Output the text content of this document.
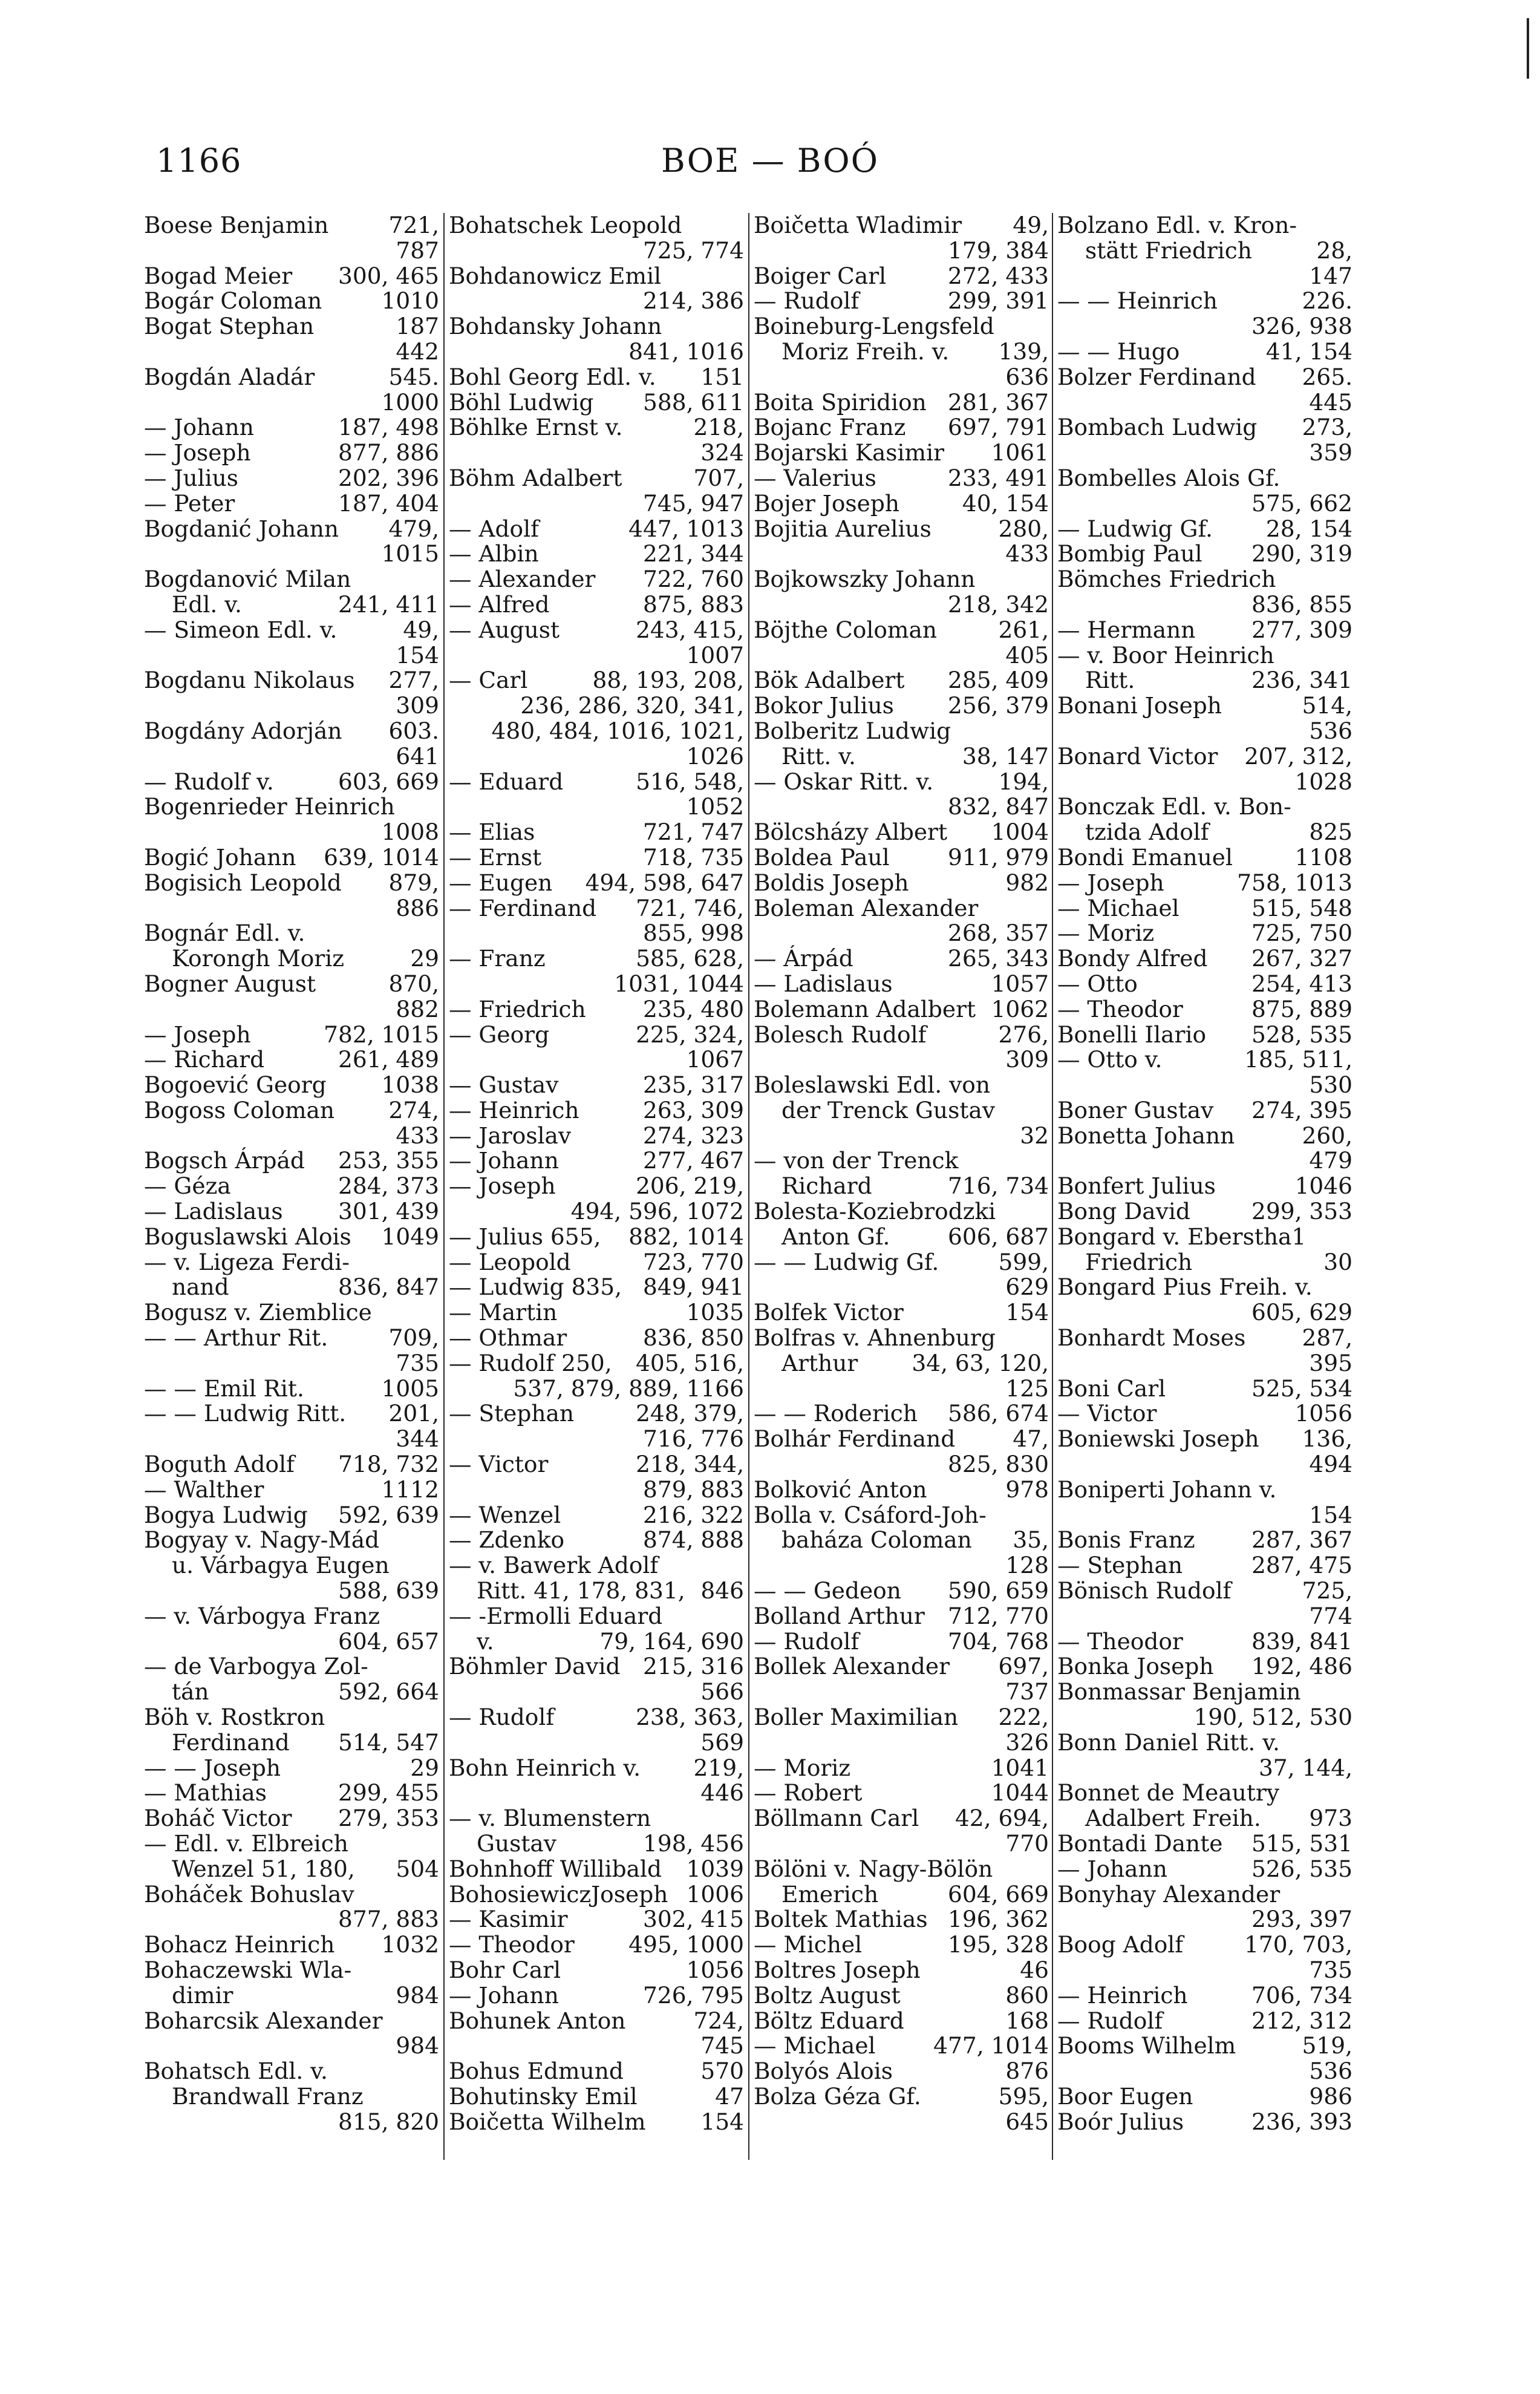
1166	BOE — BOÓ
Boese Benjamin	721,
787
Bogad Meier 300, 465
Bogár Coloman	1010
Bogat Stephan	187
442
Bogdán Aladár	545.
1000
— Johann	187, 498
— Joseph	877, 886
— Julius	202, 396
— Peter	187, 404
Bogdanić Johann 479,
1015
Bogdanović Milan
Edl. v.	241, 411
— Simeon Edl. v.	49,
154
Bogdanu Nikolaus 277,
309
Bogdány Adorján 603.
641
— Rudolf v.	603, 669
Bogenrieder Heinrich
1008
Bogić Johann 639, 1014
Bogisich Leopold 879,
886
Bognár Edl. v.
Korongh Moriz	29
Bogner August	870,
882
— Joseph	782, 1015
— Richard	261, 489
Bogoević Georg 1038
Bogoss Coloman 274,
433
Bogsch Árpád 253, 355
— Géza	284, 373
— Ladislaus 301, 439
Boguslawski Alois 1049
— v. Ligeza Ferdi-
nand	836, 847
Bogusz v. Ziemblice
— — Arthur Rit.	709,
735
— — Emil Rit.	1005
— — Ludwig Ritt. 201,
344
Boguth Adolf 718, 732
— Walther	1112
Bogya Ludwig 592, 639
Bogyay v. Nagy-Mád
u. Várbagya Eugen
588, 639
— v. Várbogya Franz
604, 657
— de Varbogya Zol-
tán	592, 664
Böh v. Rostkron
Ferdinand 514, 547
— — Joseph	29
— Mathias	299, 455
Boháč Victor 279, 353
— Edl. v. Elbreich
Wenzel 51, 180, 504
Boháček Bohuslav
877, 883
Bohacz Heinrich 1032
Bohaczewski Wla-
dimir	984
Boharcsik Alexander
984
Bohatsch Edl. v.
Brandwall Franz
815, 820
Bohatschek Leopold
725, 774
Bohdanowicz Emil
214, 386
Bohdansky Johann
841, 1016
Bohl Georg Edl. v. 151
Böhl Ludwig 588, 611
Böhlke Ernst v.	218,
324
Böhm Adalbert	707,
745, 947
— Adolf	447, 1013
— Albin	221, 344
— Alexander 722, 760
— Alfred	875, 883
— August	243, 415,
1007
— Carl	88, 193, 208,
236, 286, 320, 341,
480, 484, 1016, 1021,
1026
— Eduard	516, 548,
1052
— Elias	721, 747
— Ernst	718, 735
— Eugen 494, 598, 647
— Ferdinand 721, 746,
855, 998
— Franz	585, 628,
1031, 1044
— Friedrich	235, 480
— Georg	225, 324,
1067
— Gustav	235, 317
— Heinrich	263, 309
— Jaroslav	274, 323
— Johann	277, 467
— Joseph	206, 219,
494, 596, 1072
— Julius 655, 882, 1014
— Leopold	723, 770
— Ludwig 835, 849, 941
— Martin	1035
— Othmar	836, 850
— Rudolf 250, 405, 516,
537, 879, 889, 1166
— Stephan	248, 379,
716, 776
— Victor	218, 344,
879, 883
— Wenzel	216, 322
— Zdenko	874, 888
— v. Bawerk Adolf
Ritt. 41, 178, 831, 846
— -Ermolli Eduard
v.	79, 164, 690
Böhmler David 215, 316
566
— Rudolf	238, 363,
569
Bohn Heinrich v. 219,
446
— v. Blumenstern
Gustav	198, 456
Bohnhoff Willibald 1039
BohosiewiczJoseph 1006
— Kasimir	302, 415
— Theodor 495, 1000
Bohr Carl	1056
— Johann	726, 795
Bohunek Anton	724,
745
Bohus Edmund	570
Bohutinsky Emil	47
Boičetta Wilhelm 154
Boičetta Wladimir 49,
179, 384
Boiger Carl	272, 433
— Rudolf	299, 391
Boineburg-Lengsfeld
Moriz Freih. v. 139,
636
Boita Spiridion 281, 367
Bojanc Franz 697, 791
Bojarski Kasimir 1061
— Valerius	233, 491
Bojer Joseph	40, 154
Bojitia Aurelius	280,
433
Bojkowszky Johann
218, 342
Böjthe Coloman	261,
405
Bök Adalbert 285, 409
Bokor Julius 256, 379
Bolberitz Ludwig
Ritt. v.	38, 147
— Oskar Ritt. v.	194,
832, 847
Bölcsházy Albert 1004
Boldea Paul	911, 979
Boldis Joseph	982
Boleman Alexander
268, 357
— Árpád	265, 343
— Ladislaus	1057
Bolemann Adalbert 1062
Bolesch Rudolf	276,
309
Boleslawski Edl. von
der Trenck Gustav
32
— von der Trenck
Richard	716, 734
Bolesta-Koziebrodzki
Anton Gf.	606, 687
— — Ludwig Gf.	599,
629
Bolfek Victor	154
Bolfras v. Ahnenburg
Arthur 34, 63, 120,
125
— — Roderich 586, 674
Bolhár Ferdinand	47,
825, 830
Bolković Anton	978
Bolla v. Csáford-Joh-
baháza Coloman 35,
128
— — Gedeon 590, 659
Bolland Arthur 712, 770
— Rudolf	704, 768
Bollek Alexander 697,
737
Boller Maximilian 222,
326
— Moriz	1041
— Robert	1044
Böllmann Carl 42, 694,
770
Bölöni v. Nagy-Bölön
Emerich	604, 669
Boltek Mathias 196, 362
— Michel	195, 328
Boltres Joseph	46
Boltz August	860
Böltz Eduard	168
— Michael	477, 1014
Bolyós Alois	876
Bolza Géza Gf.	595,
645
Bolzano Edl. v. Kron-
stätt Friedrich	28,
147
— — Heinrich	226.
326, 938
— — Hugo	41, 154
Bolzer Ferdinand 265.
445
Bombach Ludwig 273,
359
Bombelles Alois Gf.
575, 662
— Ludwig Gf. 28, 154
Bombig Paul 290, 319
Bömches Friedrich
836, 855
— Hermann 277, 309
— v. Boor Heinrich
Ritt.	236, 341
Bonani Joseph	514,
536
Bonard Victor 207, 312,
1028
Bonczak Edl. v. Bon-
tzida Adolf	825
Bondi Emanuel	1108
— Joseph	758, 1013
— Michael	515, 548
— Moriz	725, 750
Bondy Alfred 267, 327
— Otto	254, 413
— Theodor	875, 889
Bonelli Ilario 528, 535
— Otto v.	185, 511,
530
Boner Gustav 274, 395
Bonetta Johann	260,
479
Bonfert Julius	1046
Bong David	299, 353
Bongard v. Eberstha1
Friedrich	30
Bongard Pius Freih. v.
605, 629
Bonhardt Moses 287,
395
Boni Carl	525, 534
— Victor	1056
Boniewski Joseph 136,
494
Boniperti Johann v.
154
Bonis Franz 287, 367
— Stephan	287, 475
Bönisch Rudolf	725,
774
— Theodor	839, 841
Bonka Joseph 192, 486
Bonmassar Benjamin
190, 512, 530
Bonn Daniel Ritt. v.
37, 144,
Bonnet de Meautry
Adalbert Freih. 973
Bontadi Dante 515, 531
— Johann	526, 535
Bonyhay Alexander
293, 397
Boog Adolf	170, 703,
735
— Heinrich	706, 734
— Rudolf	212, 312
Booms Wilhelm	519,
536
Boor Eugen	986
Boór Julius	236, 393
